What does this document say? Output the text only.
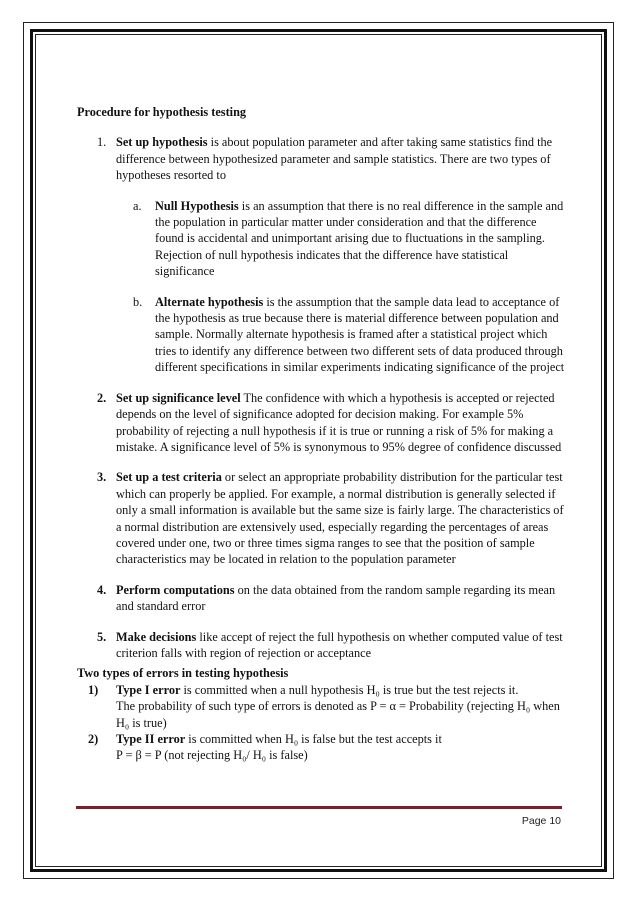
Procedure for hypothesis testing

1. Set up hypothesis is about population parameter and after taking same statistics find the difference between hypothesized parameter and sample statistics. There are two types of hypotheses resorted to
a. Null Hypothesis is an assumption that there is no real difference in the sample and the population in particular matter under consideration and that the difference found is accidental and unimportant arising due to fluctuations in the sampling. Rejection of null hypothesis indicates that the difference have statistical significance
b. Alternate hypothesis is the assumption that the sample data lead to acceptance of the hypothesis as true because there is material difference between population and sample. Normally alternate hypothesis is framed after a statistical project which tries to identify any difference between two different sets of data produced through different specifications in similar experiments indicating significance of the project
2. Set up significance level The confidence with which a hypothesis is accepted or rejected depends on the level of significance adopted for decision making. For example 5% probability of rejecting a null hypothesis if it is true or running a risk of 5% for making a mistake. A significance level of 5% is synonymous to 95% degree of confidence discussed
3. Set up a test criteria or select an appropriate probability distribution for the particular test which can properly be applied. For example, a normal distribution is generally selected if only a small information is available but the same size is fairly large. The characteristics of a normal distribution are extensively used, especially regarding the percentages of areas covered under one, two or three times sigma ranges to see that the position of sample characteristics may be located in relation to the population parameter
4. Perform computations on the data obtained from the random sample regarding its mean and standard error
5. Make decisions like accept of reject the full hypothesis on whether computed value of test criterion falls with region of rejection or acceptance

Two types of errors in testing hypothesis

1) Type I error is committed when a null hypothesis H₀ is true but the test rejects it.
The probability of such type of errors is denoted as P = α = Probability (rejecting H₀ when H₀ is true)
2) Type II error is committed when H₀ is false but the test accepts it
P = β = P (not rejecting H₀/ H₀ is false)
Page 10
